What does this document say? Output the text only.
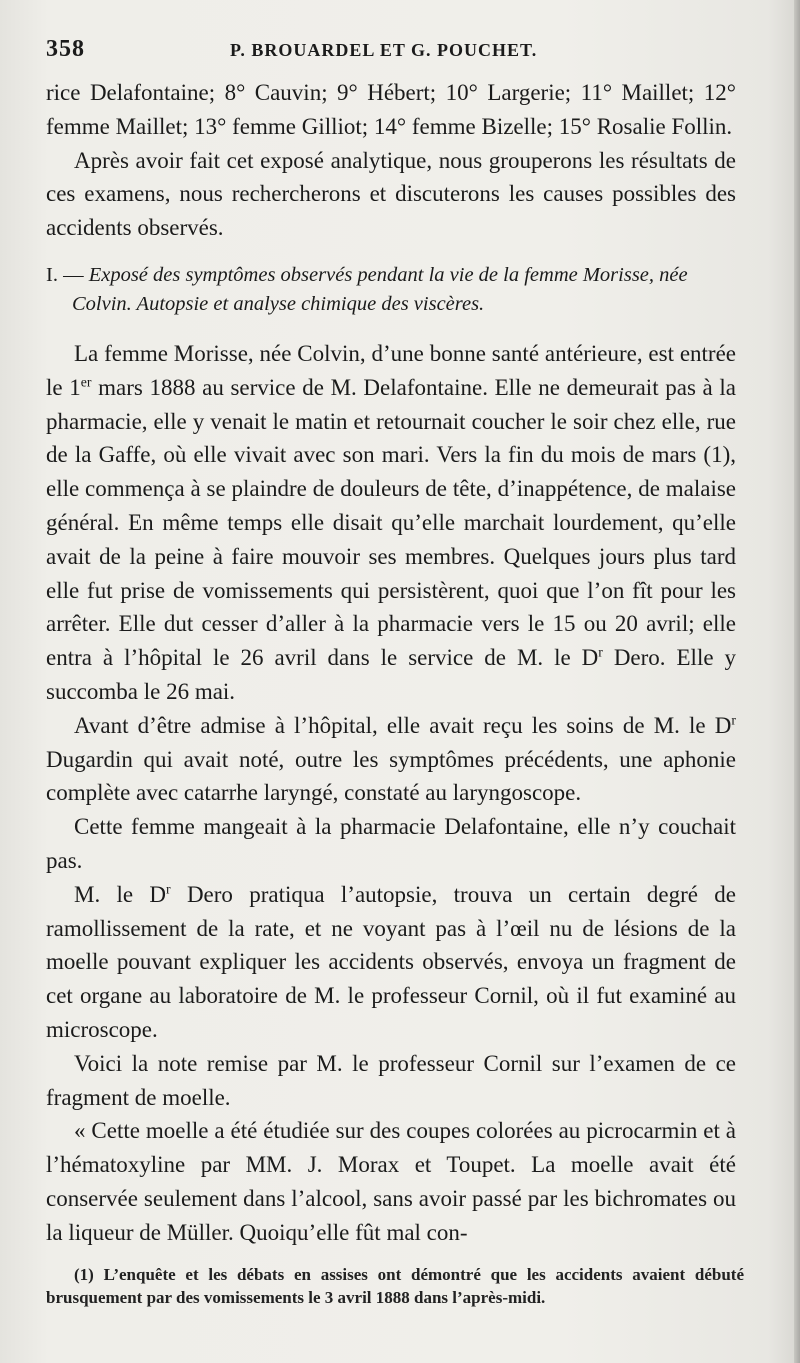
358	P. BROUARDEL ET G. POUCHET.

rice Delafontaine; 8° Cauvin; 9° Hébert; 10° Largerie; 11° Maillet; 12° femme Maillet; 13° femme Gilliot; 14° femme Bizelle; 15° Rosalie Follin.

Après avoir fait cet exposé analytique, nous grouperons les résultats de ces examens, nous rechercherons et discuterons les causes possibles des accidents observés.

I. — Exposé des symptômes observés pendant la vie de la femme Morisse, née Colvin. Autopsie et analyse chimique des viscères.

La femme Morisse, née Colvin, d’une bonne santé antérieure, est entrée le 1er mars 1888 au service de M. Delafontaine. Elle ne demeurait pas à la pharmacie, elle y venait le matin et retournait coucher le soir chez elle, rue de la Gaffe, où elle vivait avec son mari. Vers la fin du mois de mars (1), elle commença à se plaindre de douleurs de tête, d’inappétence, de malaise général. En même temps elle disait qu’elle marchait lourdement, qu’elle avait de la peine à faire mouvoir ses membres. Quelques jours plus tard elle fut prise de vomissements qui persistèrent, quoi que l’on fît pour les arrêter. Elle dut cesser d’aller à la pharmacie vers le 15 ou 20 avril; elle entra à l’hôpital le 26 avril dans le service de M. le $D^r$ Dero. Elle y succomba le 26 mai.

Avant d’être admise à l’hôpital, elle avait reçu les soins de M. le $D^r$ Dugardin qui avait noté, outre les symptômes précédents, une aphonie complète avec catarrhe laryngé, constaté au laryngoscope.

Cette femme mangeait à la pharmacie Delafontaine, elle n’y couchait pas.

M. le $D^r$ Dero pratiqua l’autopsie, trouva un certain degré de ramollissement de la rate, et ne voyant pas à l’œil nu de lésions de la moelle pouvant expliquer les accidents observés, envoya un fragment de cet organe au laboratoire de M. le professeur Cornil, où il fut examiné au microscope.

Voici la note remise par M. le professeur Cornil sur l’examen de ce fragment de moelle.

« Cette moelle a été étudiée sur des coupes colorées au picrocarmin et à l’hématoxyline par MM. J. Morax et Toupet. La moelle avait été conservée seulement dans l’alcool, sans avoir passé par les bichromates ou la liqueur de Müller. Quoiqu’elle fût mal con-

(1) L’enquête et les débats en assises ont démontré que les accidents avaient débuté brusquement par des vomissements le 3 avril 1888 dans l’après-midi.
